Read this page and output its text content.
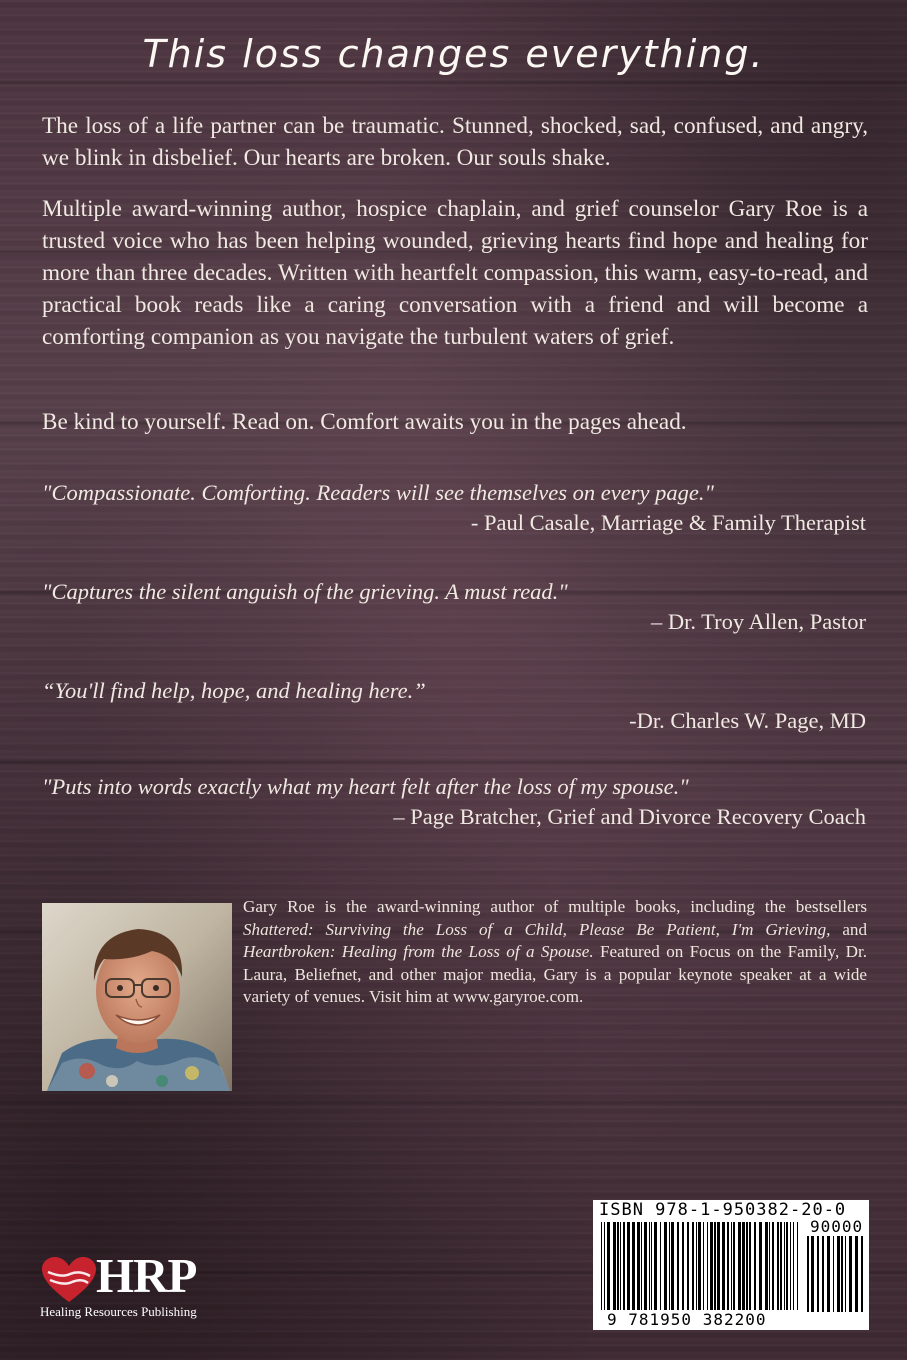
This loss changes everything.

The loss of a life partner can be traumatic. Stunned, shocked, sad, confused, and angry, we blink in disbelief. Our hearts are broken. Our souls shake.

Multiple award-winning author, hospice chaplain, and grief counselor Gary Roe is a trusted voice who has been helping wounded, grieving hearts find hope and healing for more than three decades. Written with heartfelt compassion, this warm, easy-to-read, and practical book reads like a caring conversation with a friend and will become a comforting companion as you navigate the turbulent waters of grief.

Be kind to yourself. Read on. Comfort awaits you in the pages ahead.

"Compassionate. Comforting. Readers will see themselves on every page."
- Paul Casale, Marriage & Family Therapist
"Captures the silent anguish of the grieving. A must read."
– Dr. Troy Allen, Pastor
“You'll find help, hope, and healing here.”
-Dr. Charles W. Page, MD
"Puts into words exactly what my heart felt after the loss of my spouse."
– Page Bratcher, Grief and Divorce Recovery Coach

Gary Roe is the award-winning author of multiple books, including the bestsellers Shattered: Surviving the Loss of a Child, Please Be Patient, I'm Grieving, and Heartbroken: Healing from the Loss of a Spouse. Featured on Focus on the Family, Dr. Laura, Beliefnet, and other major media, Gary is a popular keynote speaker at a wide variety of venues. Visit him at www.garyroe.com.

HRP
Healing Resources Publishing
ISBN 978-1-950382-20-0
90000
9 781950 382200
